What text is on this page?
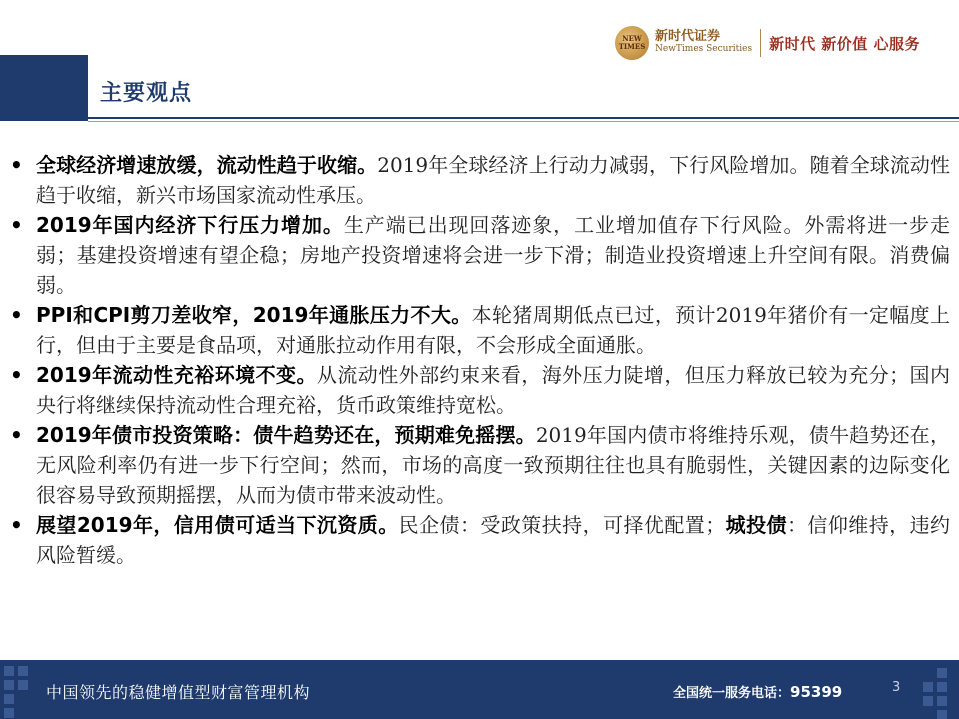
主要观点
NEW TIMES
新时代证券
NewTimes Securities 新时代 新价值 心服务
• 全球经济增速放缓，流动性趋于收缩。2019年全球经济上行动力减弱，下行风险增加。随着全球流动性趋于收缩，新兴市场国家流动性承压。
• 2019年国内经济下行压力增加。生产端已出现回落迹象，工业增加值存下行风险。外需将进一步走弱；基建投资增速有望企稳；房地产投资增速将会进一步下滑；制造业投资增速上升空间有限。消费偏弱。
• PPI和CPI剪刀差收窄，2019年通胀压力不大。本轮猪周期低点已过，预计2019年猪价有一定幅度上行，但由于主要是食品项，对通胀拉动作用有限，不会形成全面通胀。
• 2019年流动性充裕环境不变。从流动性外部约束来看，海外压力陡增，但压力释放已较为充分；国内央行将继续保持流动性合理充裕，货币政策维持宽松。
• 2019年债市投资策略：债牛趋势还在，预期难免摇摆。2019年国内债市将维持乐观，债牛趋势还在，无风险利率仍有进一步下行空间；然而，市场的高度一致预期往往也具有脆弱性，关键因素的边际变化很容易导致预期摇摆，从而为债市带来波动性。
• 展望2019年，信用债可适当下沉资质。民企债：受政策扶持，可择优配置；城投债：信仰维持，违约风险暂缓。
中国领先的稳健增值型财富管理机构	全国统一服务电话：95399	3
